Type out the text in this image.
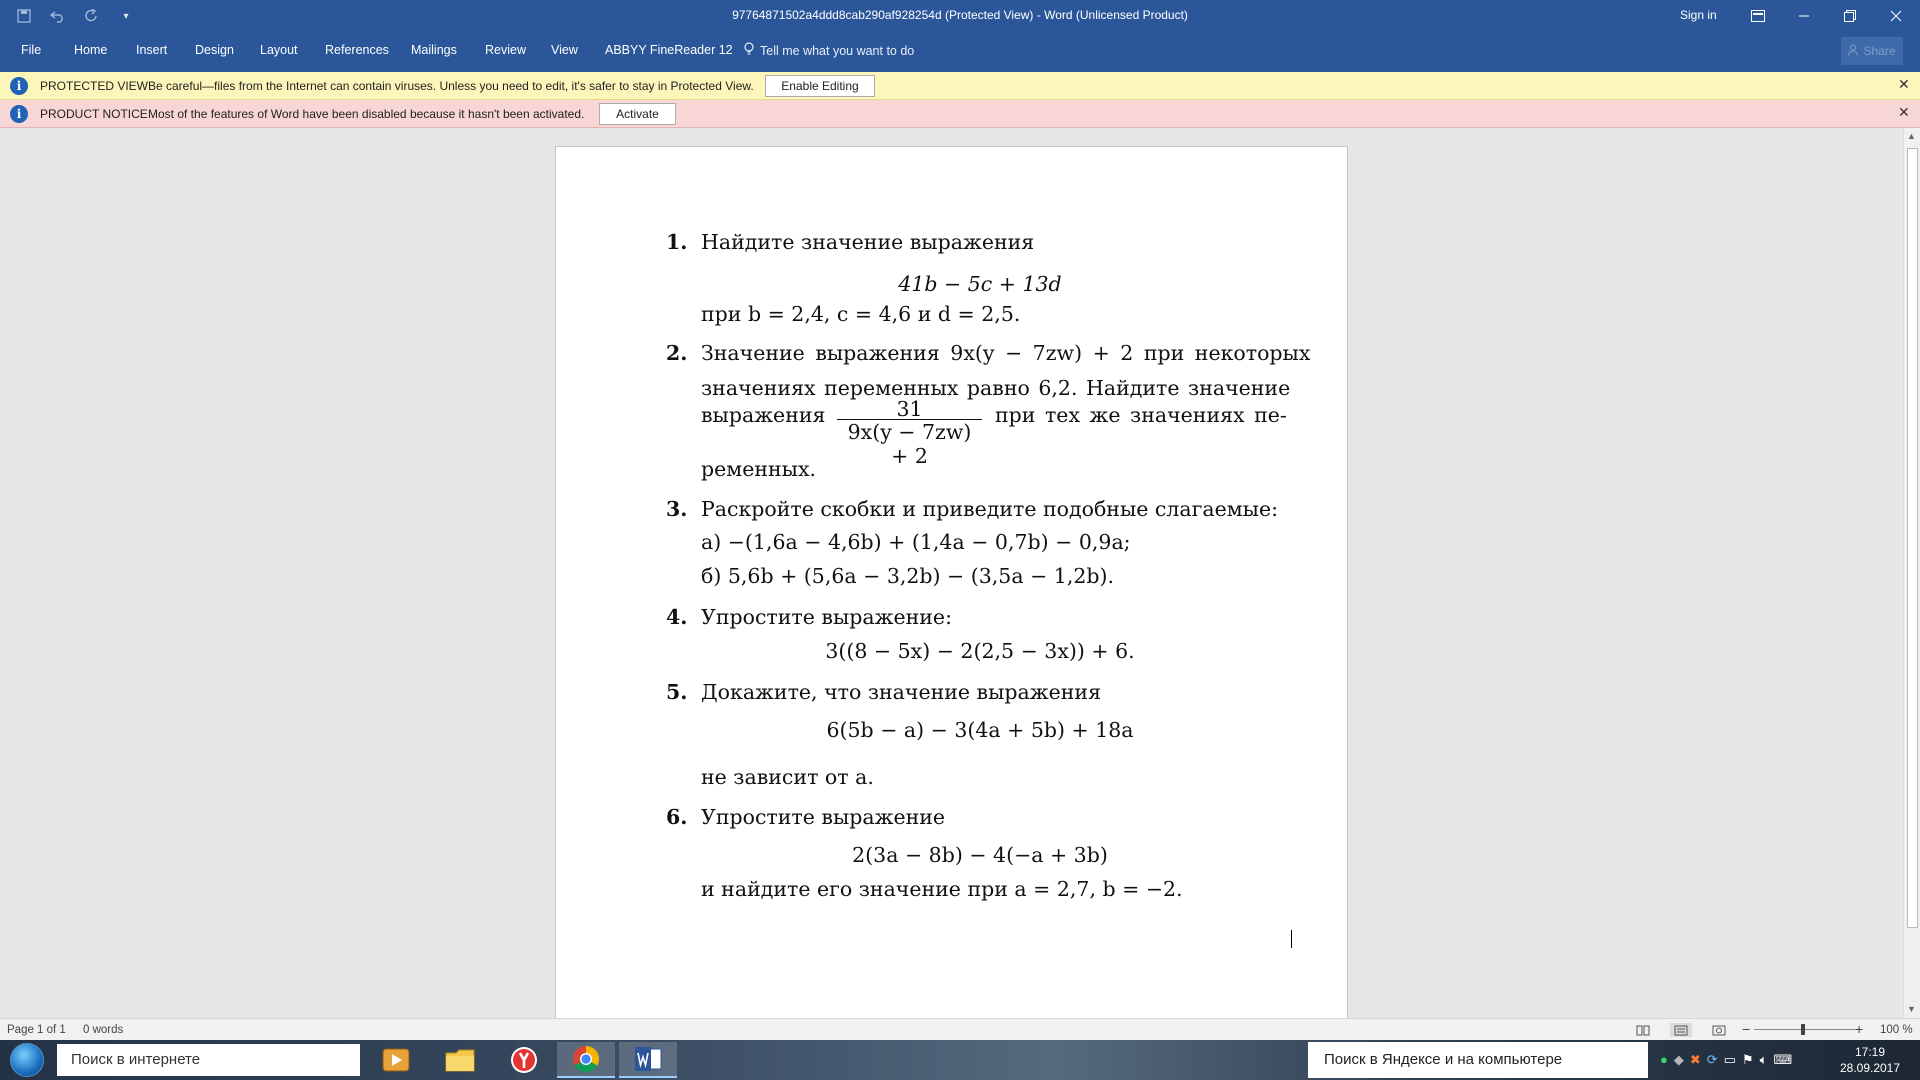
▾	97764871502a4ddd8cab290af928254d (Protected View) - Word (Unlicensed Product)	Sign in
File	Home Insert Design Layout References Mailings Review View ABBYY FineReader 12 Tell me what you want to do	Share
i	PROTECTED VIEW Be careful—files from the Internet can contain viruses. Unless you need to edit, it's safer to stay in Protected View.	Enable Editing	✕
i	PRODUCT NOTICE Most of the features of Word have been disabled because it hasn't been activated.	Activate	✕
1. Найдите значение выражения
41b − 5c + 13d
при b = 2,4, c = 4,6 и d = 2,5.
2. Значение выражения 9x(y − 7zw) + 2 при некоторых
значениях переменных равно 6,2. Найдите значение
выражения	31
9x(y − 7zw) + 2
при тех же значениях пе-
ременных.
3. Раскройте скобки и приведите подобные слагаемые:
а) −(1,6a − 4,6b) + (1,4a − 0,7b) − 0,9a;
б) 5,6b + (5,6a − 3,2b) − (3,5a − 1,2b).
4. Упростите выражение:
3((8 − 5x) − 2(2,5 − 3x)) + 6.
5. Докажите, что значение выражения
6(5b − a) − 3(4a + 5b) + 18a
не зависит от a.
6. Упростите выражение
2(3a − 8b) − 4(−a + 3b)
и найдите его значение при a = 2,7, b = −2.
▲
▼
Page 1 of 1 0 words	−	+ 100 %
Поиск в интернете	Поиск в Яндексе и на компьютере	● ◆ ✖ ⟳ ▭ ⚑ 🔈︎ ⌨︎	17:19
28.09.2017
